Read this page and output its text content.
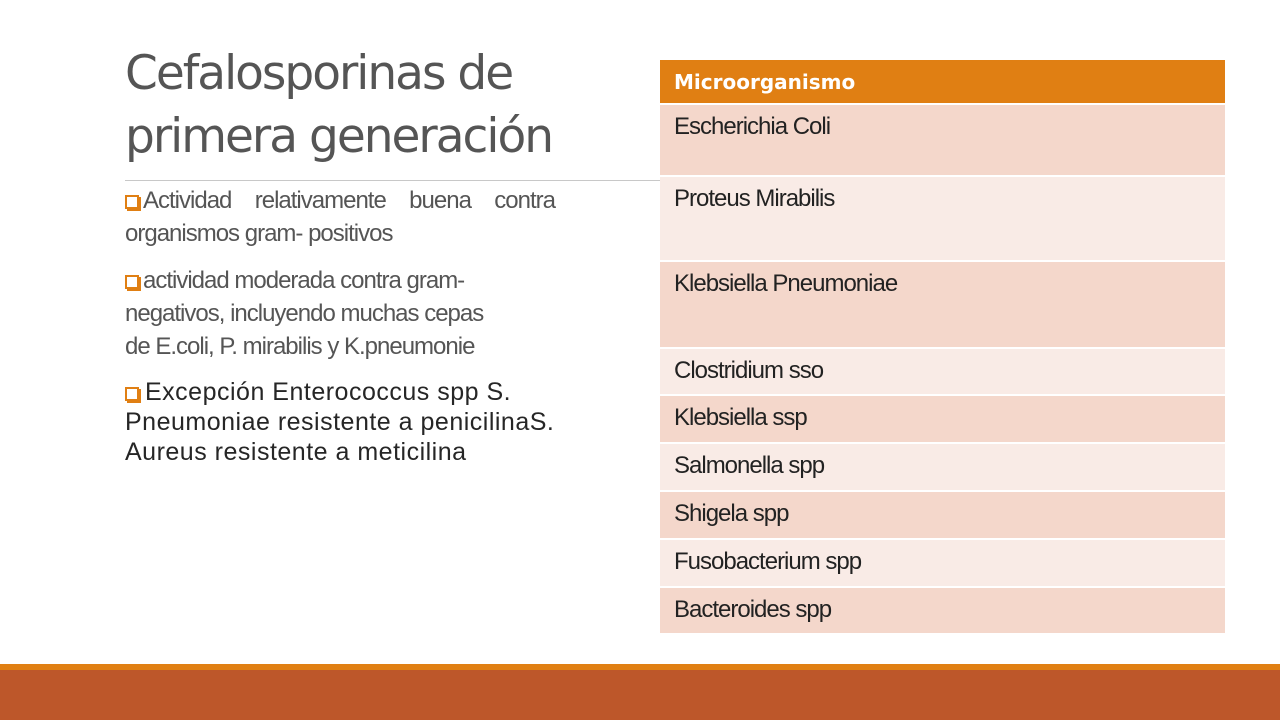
Cefalosporinas de
primera generación
Actividad relativamente buena contra organismos gram- positivos
actividad moderada contra gram- negativos, incluyendo muchas cepas de E.coli, P. mirabilis y K.pneumonie
Excepción Enterococcus spp S. Pneumoniae resistente a penicilinaS. Aureus resistente a meticilina
Microorganismo
Escherichia Coli
Proteus Mirabilis
Klebsiella Pneumoniae
Clostridium sso
Klebsiella ssp
Salmonella spp
Shigela spp
Fusobacterium spp
Bacteroides spp
